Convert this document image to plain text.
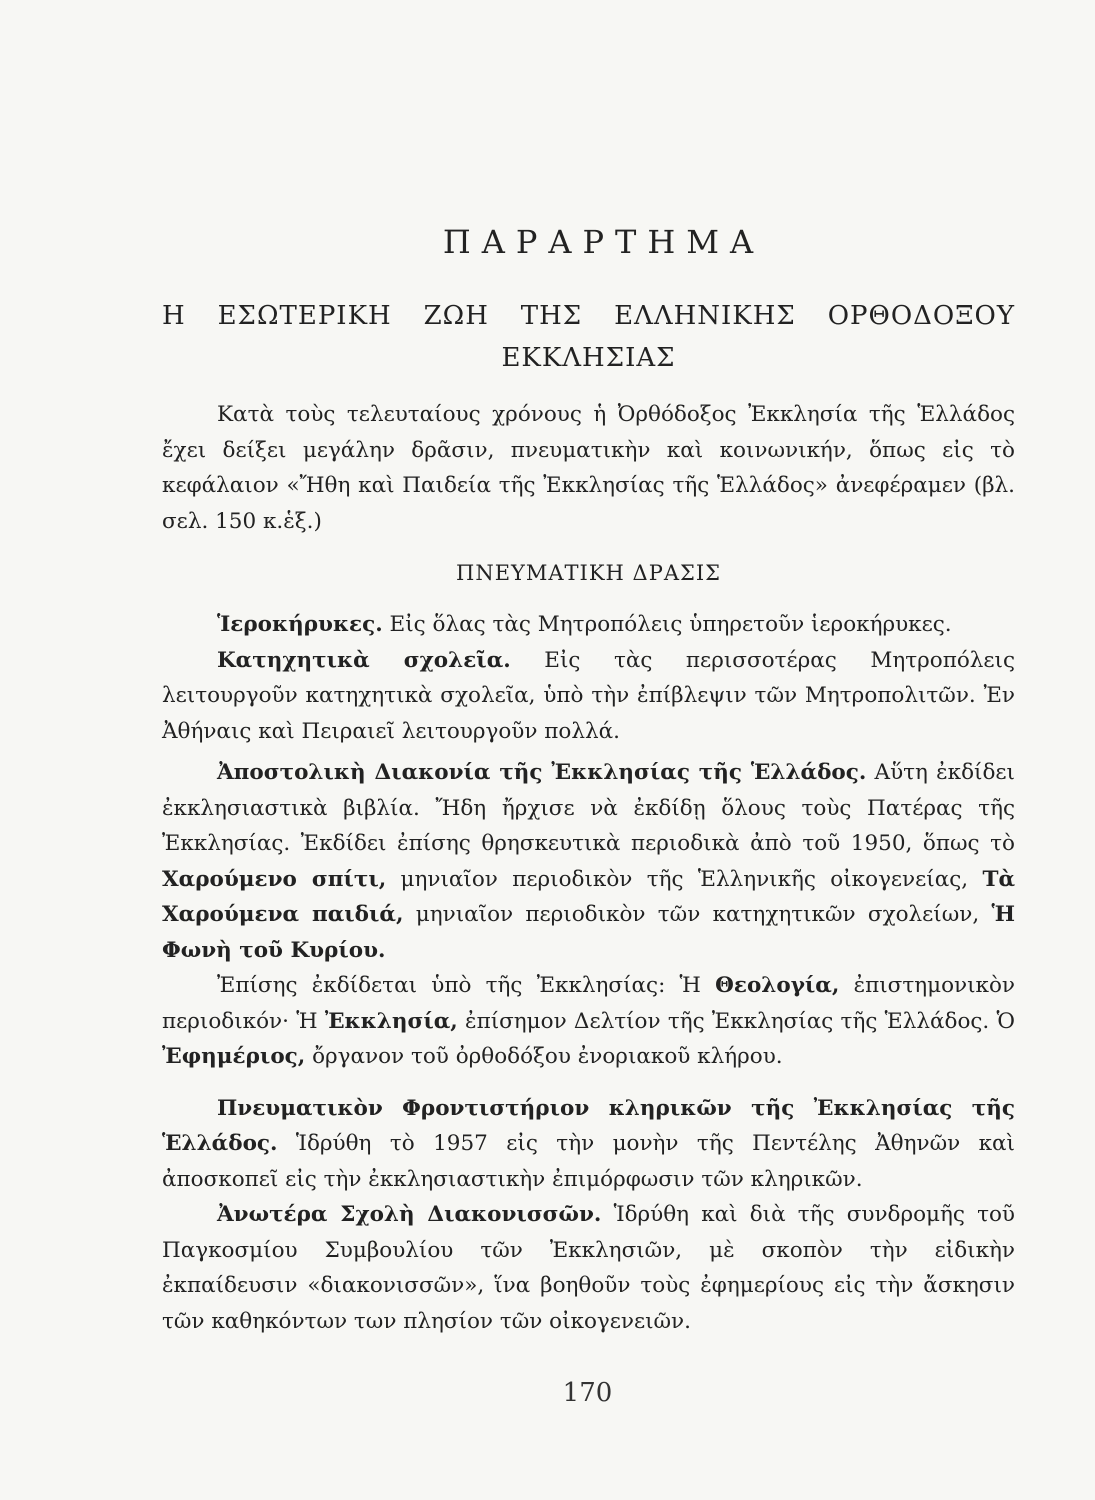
ΠΑΡΑΡΤΗΜΑ
Η ΕΣΩΤΕΡΙΚΗ ΖΩΗ ΤΗΣ ΕΛΛΗΝΙΚΗΣ ΟΡΘΟΔΟΞΟΥ
ΕΚΚΛΗΣΙΑΣ

Κατὰ τοὺς τελευταίους χρόνους ἡ Ὀρθόδοξος Ἐκκλησία τῆς Ἑλλάδος ἔχει δείξει μεγάλην δρᾶσιν, πνευματικὴν καὶ κοινωνικήν, ὅπως εἰς τὸ κεφάλαιον «Ἤθη καὶ Παιδεία τῆς Ἐκκλησίας τῆς Ἑλλάδος» ἀνεφέραμεν (βλ. σελ. 150 κ.ἑξ.)

ΠΝΕΥΜΑΤΙΚΗ ΔΡΑΣΙΣ

Ἱεροκήρυκες. Εἰς ὅλας τὰς Μητροπόλεις ὑπηρετοῦν ἱεροκήρυκες.

Κατηχητικὰ σχολεῖα. Εἰς τὰς περισσοτέρας Μητροπόλεις λειτουργοῦν κατηχητικὰ σχολεῖα, ὑπὸ τὴν ἐπίβλεψιν τῶν Μητροπολιτῶν. Ἐν Ἀθήναις καὶ Πειραιεῖ λειτουργοῦν πολλά.

Ἀποστολικὴ Διακονία τῆς Ἐκκλησίας τῆς Ἑλλάδος. Αὕτη ἐκδίδει ἐκκλησιαστικὰ βιβλία. Ἤδη ἤρχισε νὰ ἐκδίδῃ ὅλους τοὺς Πατέρας τῆς Ἐκκλησίας. Ἐκδίδει ἐπίσης θρησκευτικὰ περιοδικὰ ἀπὸ τοῦ 1950, ὅπως τὸ Χαρούμενο σπίτι, μηνιαῖον περιοδικὸν τῆς Ἑλληνικῆς οἰκογενείας, Τὰ Χαρούμενα παιδιά, μηνιαῖον περιοδικὸν τῶν κατηχητικῶν σχολείων, Ἡ Φωνὴ τοῦ Κυρίου.

Ἐπίσης ἐκδίδεται ὑπὸ τῆς Ἐκκλησίας: Ἡ Θεολογία, ἐπιστημονικὸν περιοδικόν· Ἡ Ἐκκλησία, ἐπίσημον Δελτίον τῆς Ἐκκλησίας τῆς Ἑλλάδος. Ὁ Ἐφημέριος, ὄργανον τοῦ ὀρθοδόξου ἐνοριακοῦ κλήρου.

Πνευματικὸν Φροντιστήριον κληρικῶν τῆς Ἐκκλησίας τῆς Ἑλλάδος. Ἱδρύθη τὸ 1957 εἰς τὴν μονὴν τῆς Πεντέλης Ἀθηνῶν καὶ ἀποσκοπεῖ εἰς τὴν ἐκκλησιαστικὴν ἐπιμόρφωσιν τῶν κληρικῶν.

Ἀνωτέρα Σχολὴ Διακονισσῶν. Ἱδρύθη καὶ διὰ τῆς συνδρομῆς τοῦ Παγκοσμίου Συμβουλίου τῶν Ἐκκλησιῶν, μὲ σκοπὸν τὴν εἰδικὴν ἐκπαίδευσιν «διακονισσῶν», ἵνα βοηθοῦν τοὺς ἐφημερίους εἰς τὴν ἄσκησιν τῶν καθηκόντων των πλησίον τῶν οἰκογενειῶν.

170
